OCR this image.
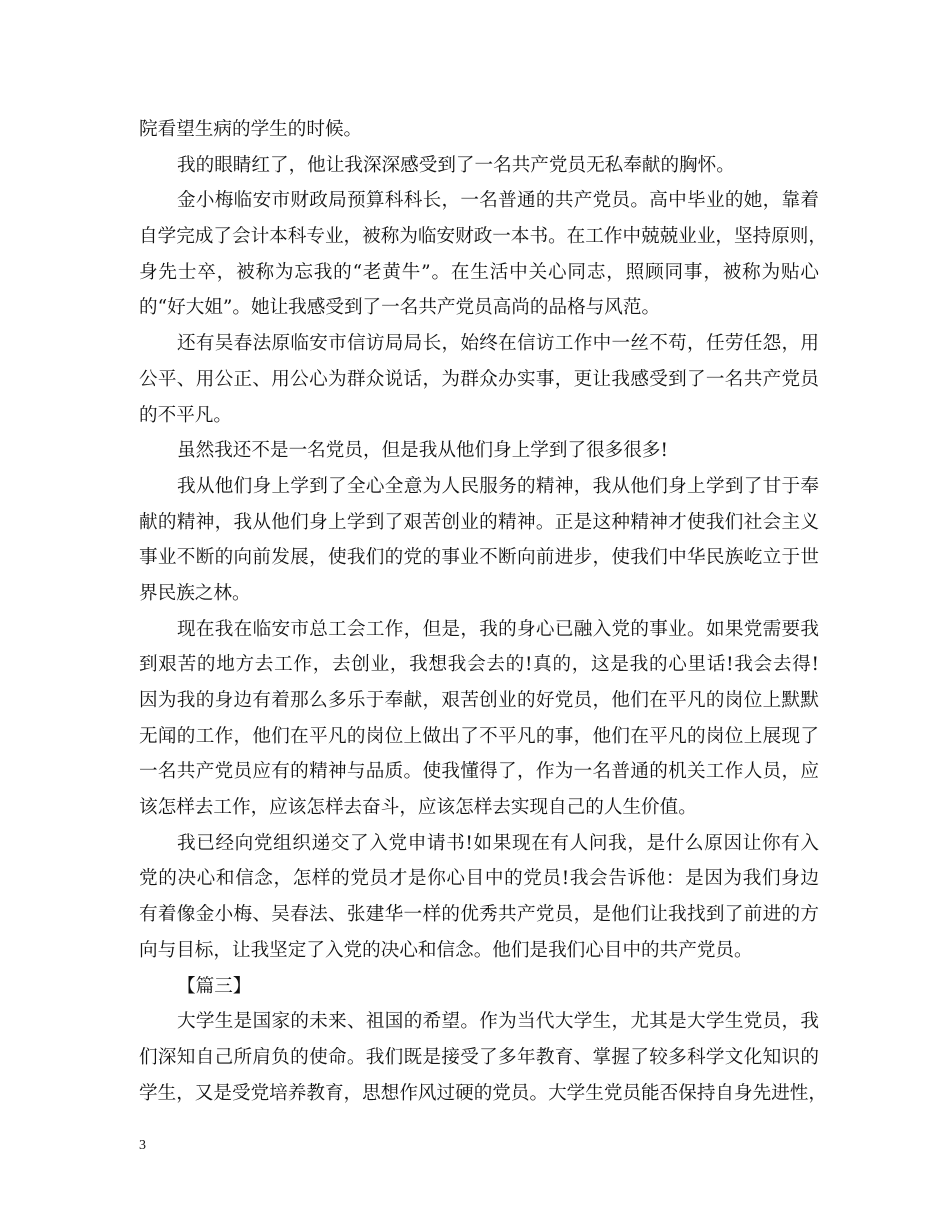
院看望生病的学生的时候。
我的眼睛红了，他让我深深感受到了一名共产党员无私奉献的胸怀。
金小梅临安市财政局预算科科长，一名普通的共产党员。高中毕业的她，靠着
自学完成了会计本科专业，被称为临安财政一本书。在工作中兢兢业业，坚持原则，
身先士卒，被称为忘我的“老黄牛”。在生活中关心同志，照顾同事，被称为贴心
的“好大姐”。她让我感受到了一名共产党员高尚的品格与风范。
还有吴春法原临安市信访局局长，始终在信访工作中一丝不苟，任劳任怨，用
公平、用公正、用公心为群众说话，为群众办实事，更让我感受到了一名共产党员
的不平凡。
虽然我还不是一名党员，但是我从他们身上学到了很多很多!
我从他们身上学到了全心全意为人民服务的精神，我从他们身上学到了甘于奉
献的精神，我从他们身上学到了艰苦创业的精神。正是这种精神才使我们社会主义
事业不断的向前发展，使我们的党的事业不断向前进步，使我们中华民族屹立于世
界民族之林。
现在我在临安市总工会工作，但是，我的身心已融入党的事业。如果党需要我
到艰苦的地方去工作，去创业，我想我会去的!真的，这是我的心里话!我会去得!
因为我的身边有着那么多乐于奉献，艰苦创业的好党员，他们在平凡的岗位上默默
无闻的工作，他们在平凡的岗位上做出了不平凡的事，他们在平凡的岗位上展现了
一名共产党员应有的精神与品质。使我懂得了，作为一名普通的机关工作人员，应
该怎样去工作，应该怎样去奋斗，应该怎样去实现自己的人生价值。
我已经向党组织递交了入党申请书!如果现在有人问我，是什么原因让你有入
党的决心和信念，怎样的党员才是你心目中的党员!我会告诉他：是因为我们身边
有着像金小梅、吴春法、张建华一样的优秀共产党员，是他们让我找到了前进的方
向与目标，让我坚定了入党的决心和信念。他们是我们心目中的共产党员。
【篇三】
大学生是国家的未来、祖国的希望。作为当代大学生，尤其是大学生党员，我
们深知自己所肩负的使命。我们既是接受了多年教育、掌握了较多科学文化知识的
学生，又是受党培养教育，思想作风过硬的党员。大学生党员能否保持自身先进性，
3
